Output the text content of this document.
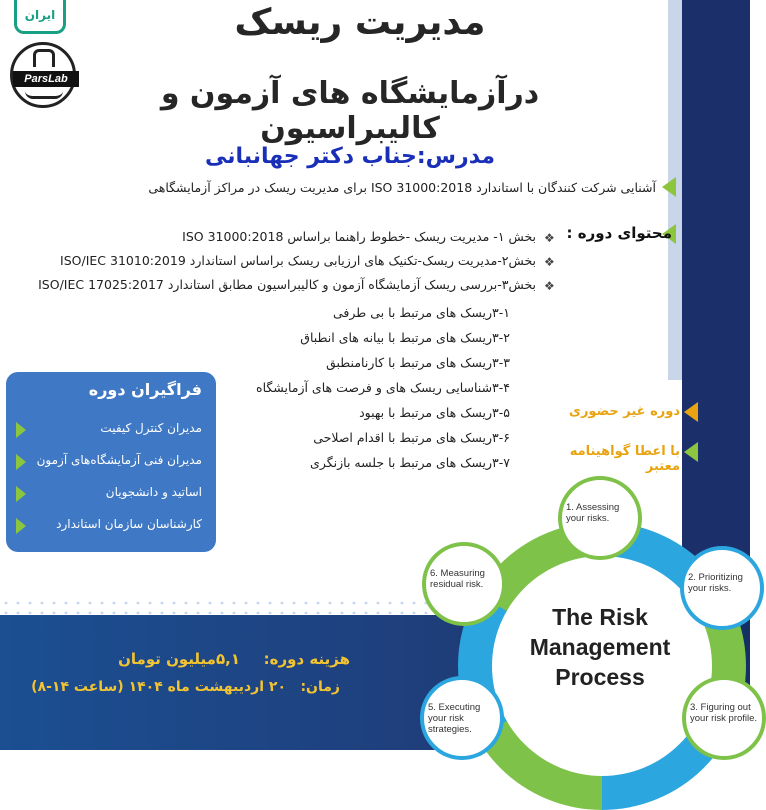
ایران
ParsLab
مدیریت ریسک
درآزمایشگاه های آزمون و کالیبراسیون
مدرس:جناب دکتر جهانبانی
آشنایی شرکت کنندگان با استاندارد ISO 31000:2018 برای مدیریت ریسک در مراکز آزمایشگاهی
محتوای دوره :
❖
بخش ۱- مدیریت ریسک -خطوط راهنما براساس ISO 31000:2018
❖
بخش۲-مدیریت ریسک-تکنیک های ارزیابی ریسک براساس استاندارد ISO/IEC 31010:2019
❖
بخش۳-بررسی ریسک آزمایشگاه آزمون و کالیبراسیون مطابق استاندارد ISO/IEC 17025:2017
۳-۱ریسک های مرتبط با بی طرفی
۳-۲ریسک های مرتبط با بیانه های انطباق
۳-۳ریسک های مرتبط با کارنامنطبق
۳-۴شناسایی ریسک های و فرصت های آزمایشگاه
۳-۵ریسک های مرتبط با بهبود
۳-۶ریسک های مرتبط با اقدام اصلاحی
۳-۷ریسک های مرتبط با جلسه بازنگری
فراگیران دوره
مدیران کنترل کیفیت
مدیران فنی آزمایشگاه‌های آزمون
اساتید و دانشجویان
کارشناسان سازمان استاندارد
دوره غیر حضوری
با اعطا گواهینامه معتبر
The Risk
Management
Process
1. Assessing your risks.
2. Prioritizing your risks.
3. Figuring out your risk profile.
5. Executing your risk strategies.
6. Measuring residual risk.
هزینه دوره:
۵,۱میلیون تومان
زمان:
۲۰ اردیبهشت ماه ۱۴۰۴ (ساعت ۱۴-۸)
